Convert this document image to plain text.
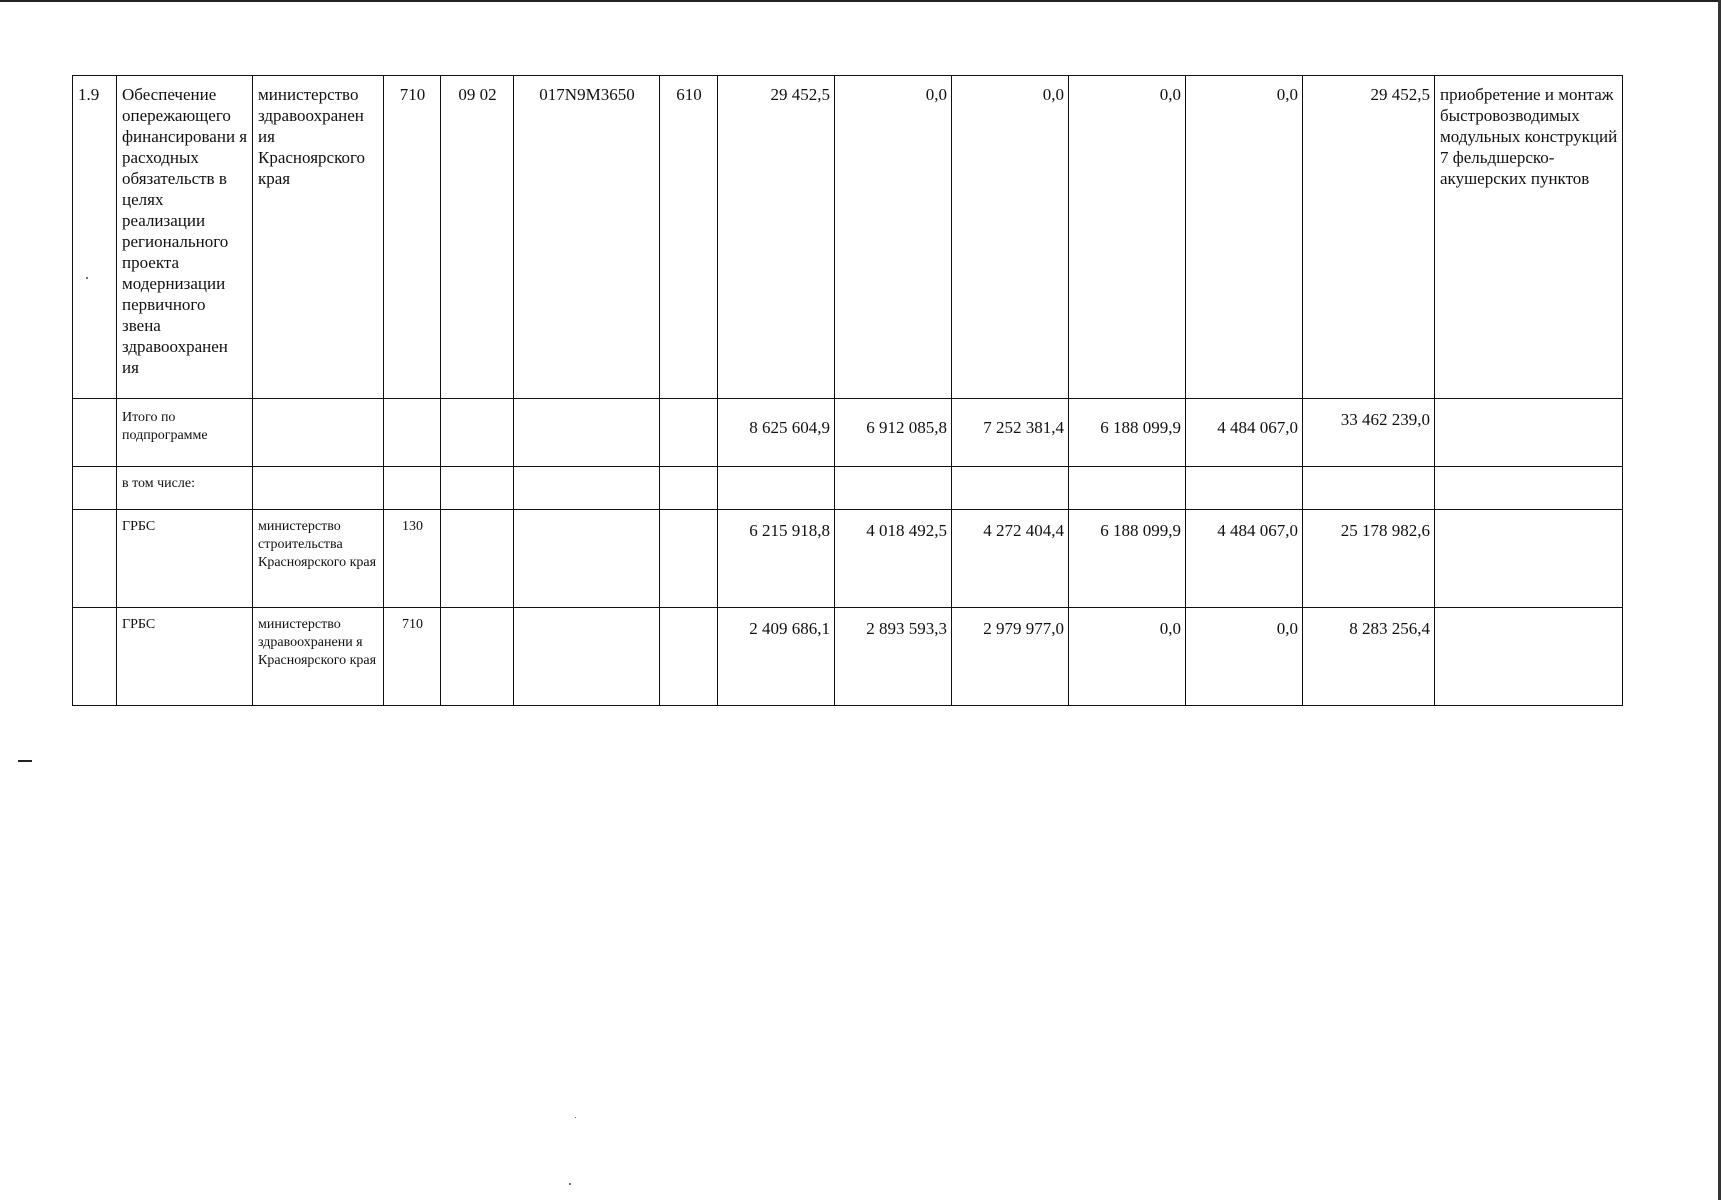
1.9	Обеспечение опережающего финансировани я расходных обязательств в целях реализации регионального проекта модернизации первичного звена здравоохранен ия	министерство здравоохранен ия Красноярского края	710	09 02	017N9M3650	610	29 452,5	0,0	0,0	0,0	0,0	29 452,5	приобретение и монтаж быстровозводимых модульных конструкций 7 фельдшерско-акушерских пунктов
	Итого по подпрограмме						8 625 604,9	6 912 085,8	7 252 381,4	6 188 099,9	4 484 067,0	33 462 239,0	
	в том числе:												
	ГРБС	министерство строительства Красноярского края	130				6 215 918,8	4 018 492,5	4 272 404,4	6 188 099,9	4 484 067,0	25 178 982,6	
	ГРБС	министерство здравоохранени я Красноярского края	710				2 409 686,1	2 893 593,3	2 979 977,0	0,0	0,0	8 283 256,4	
